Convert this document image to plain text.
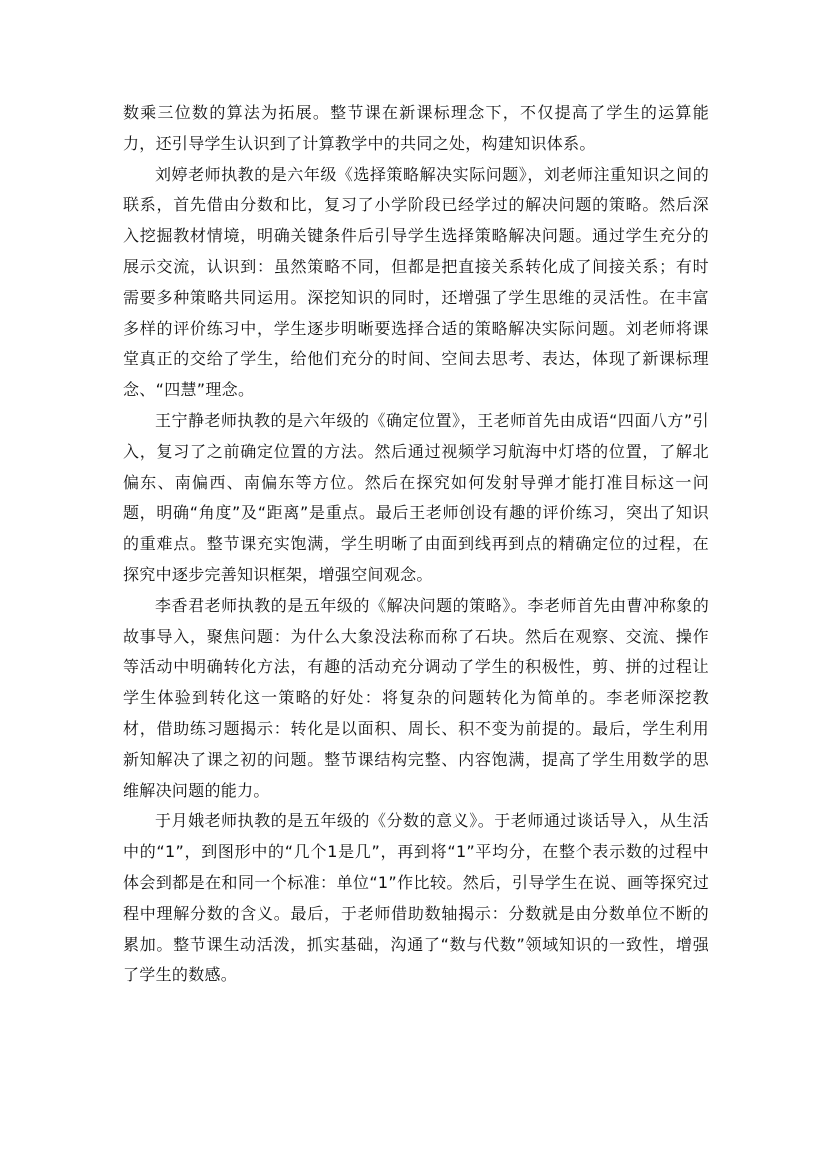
数乘三位数的算法为拓展。整节课在新课标理念下，不仅提高了学生的运算能力，还引导学生认识到了计算教学中的共同之处，构建知识体系。

刘婷老师执教的是六年级《选择策略解决实际问题》，刘老师注重知识之间的联系，首先借由分数和比，复习了小学阶段已经学过的解决问题的策略。然后深入挖掘教材情境，明确关键条件后引导学生选择策略解决问题。通过学生充分的展示交流，认识到：虽然策略不同，但都是把直接关系转化成了间接关系；有时需要多种策略共同运用。深挖知识的同时，还增强了学生思维的灵活性。在丰富多样的评价练习中，学生逐步明晰要选择合适的策略解决实际问题。刘老师将课堂真正的交给了学生，给他们充分的时间、空间去思考、表达，体现了新课标理念、“四慧”理念。

王宁静老师执教的是六年级的《确定位置》，王老师首先由成语“四面八方”引入，复习了之前确定位置的方法。然后通过视频学习航海中灯塔的位置，了解北偏东、南偏西、南偏东等方位。然后在探究如何发射导弹才能打准目标这一问题，明确“角度”及“距离”是重点。最后王老师创设有趣的评价练习，突出了知识的重难点。整节课充实饱满，学生明晰了由面到线再到点的精确定位的过程，在探究中逐步完善知识框架，增强空间观念。

李香君老师执教的是五年级的《解决问题的策略》。李老师首先由曹冲称象的故事导入，聚焦问题：为什么大象没法称而称了石块。然后在观察、交流、操作等活动中明确转化方法，有趣的活动充分调动了学生的积极性，剪、拼的过程让学生体验到转化这一策略的好处：将复杂的问题转化为简单的。李老师深挖教材，借助练习题揭示：转化是以面积、周长、积不变为前提的。最后，学生利用新知解决了课之初的问题。整节课结构完整、内容饱满，提高了学生用数学的思维解决问题的能力。

于月娥老师执教的是五年级的《分数的意义》。于老师通过谈话导入，从生活中的“1”，到图形中的“几个1是几”，再到将“1”平均分，在整个表示数的过程中体会到都是在和同一个标准：单位“1”作比较。然后，引导学生在说、画等探究过程中理解分数的含义。最后，于老师借助数轴揭示：分数就是由分数单位不断的累加。整节课生动活泼，抓实基础，沟通了“数与代数”领域知识的一致性，增强了学生的数感。
